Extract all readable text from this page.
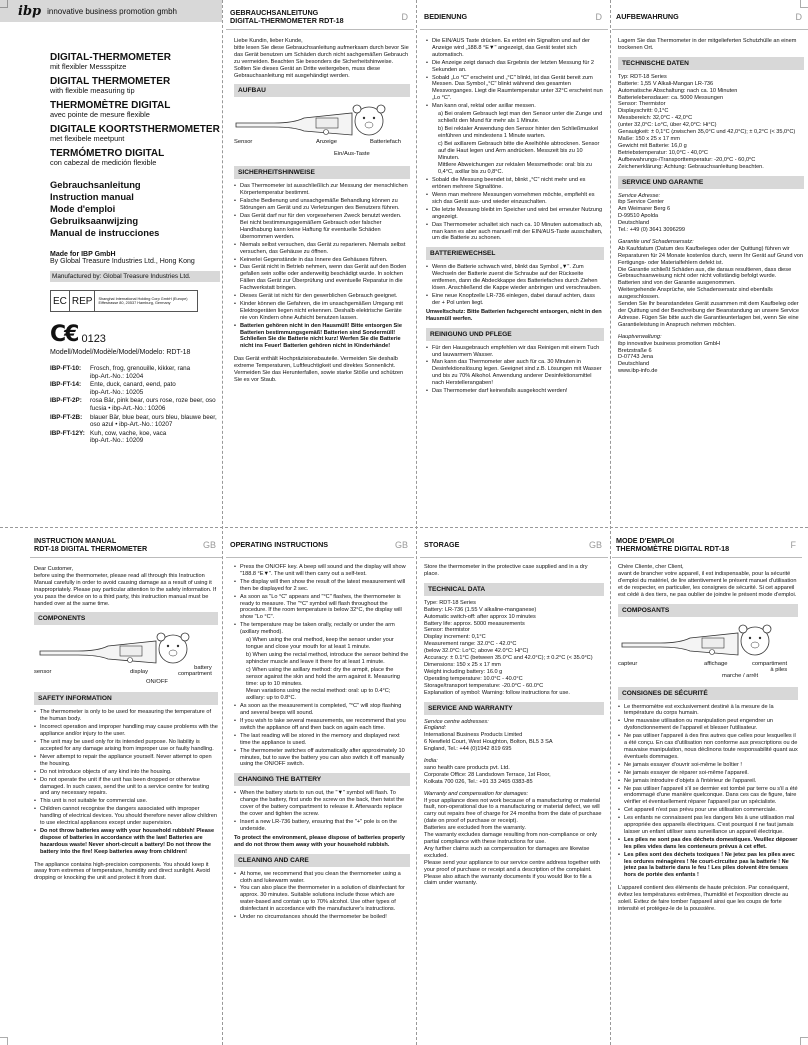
ibp innovative business promotion gmbh
DIGITAL-THERMOMETER
mit flexibler Messspitze
DIGITAL THERMOMETER
with flexible measuring tip
THERMOMÈTRE DIGITAL
avec pointe de mesure flexible
DIGITALE KOORTSTHERMOMETER
met flexibele meetpunt
TERMÓMETRO DIGITAL
con cabezal de medición flexible
Gebrauchsanleitung
Instruction manual
Mode d'emploi
Gebruiksaanwijzing
Manual de instrucciones
Made for IBP GmbH
By Global Treasure Industries Ltd., Hong Kong
Manufactured by: Global Treasure Industries Ltd.
EC REP	Shanghai International Holding Corp GmbH (Europe)
Eiffestrasse 80, 20537 Hamburg, Germany
C€ 0123
Modell/Model/Modèle/Model/Modelo: RDT-18
IBP-FT-10:	Frosch, frog, grenouille, kikker, rana
ibp-Art.-No.: 10204
IBP-FT-14:	Ente, duck, canard, eend, pato
ibp-Art.-No.: 10205
IBP-FT-2P:	rosa Bär, pink bear, ours rose, roze beer, oso fucsia • ibp-Art.-No.: 10206
IBP-FT-2B:	blauer Bär, blue bear, ours bleu, blauwe beer, oso azul • ibp-Art.-No.: 10207
IBP-FT-12Y: Kuh, cow, vache, koe, vaca
ibp-Art.-No.: 10209
GEBRAUCHSANLEITUNG
DIGITAL-THERMOMETER RDT-18	D

Liebe Kundin, lieber Kunde,
bitte lesen Sie diese Gebrauchsanleitung aufmerksam durch bevor Sie das Gerät benutzen um Schäden durch nicht sachgemäßen Gebrauch zu vermeiden. Beachten Sie besonders die Sicherheitshinweise. Sollten Sie dieses Gerät an Dritte weitergeben, muss diese Gebrauchsanleitung mit ausgehändigt werden.

AUFBAU
Sensor	Anzeige	Batteriefach
Ein/Aus-Taste
SICHERHEITSHINWEISE
• Das Thermometer ist ausschließlich zur Messung der menschlichen Körpertemperatur bestimmt.
• Falsche Bedienung und unsachgemäße Behandlung können zu Störungen am Gerät und zu Verletzungen des Benutzers führen.
• Das Gerät darf nur für den vorgesehenen Zweck benutzt werden. Bei nicht bestimmungsgemäßem Gebrauch oder falscher Handhabung kann keine Haftung für eventuelle Schäden übernommen werden.
• Niemals selbst versuchen, das Gerät zu reparieren. Niemals selbst versuchen, das Gehäuse zu öffnen.
• Keinerlei Gegenstände in das Innere des Gehäuses führen.
• Das Gerät nicht in Betrieb nehmen, wenn das Gerät auf den Boden gefallen sein sollte oder anderweitig beschädigt wurde. In solchen Fällen das Gerät zur Überprüfung und eventuelle Reparatur in die Fachwerkstatt bringen.
• Dieses Gerät ist nicht für den gewerblichen Gebrauch geeignet.
• Kinder können die Gefahren, die im unsachgemäßen Umgang mit Elektrogeräten liegen nicht erkennen. Deshalb elektrische Geräte nie von Kindern ohne Aufsicht benutzen lassen.
• Batterien gehören nicht in den Hausmüll! Bitte entsorgen Sie Batterien bestimmungsgemäß! Batterien sind Sondermüll! Schließen Sie die Batterie nicht kurz! Werfen Sie die Batterie nicht ins Feuer! Batterien gehören nicht in Kinderhände!

Das Gerät enthält Hochpräzisionsbauteile. Vermeiden Sie deshalb extreme Temperaturen, Luftfeuchtigkeit und direktes Sonnenlicht. Vermeiden Sie das Herunterfallen, sowie starke Stöße und schützen Sie es vor Staub.

BEDIENUNG	D
• Die EIN/AUS Taste drücken. Es ertönt ein Signalton und auf der Anzeige wird „188.8 °E▼" angezeigt, das Gerät testet sich automatisch.
• Die Anzeige zeigt danach das Ergebnis der letzten Messung für 2 Sekunden an.
• Sobald „Lo °C" erscheint und „°C" blinkt, ist das Gerät bereit zum Messen. Das Symbol „°C" blinkt während des gesamten Messvorganges. Liegt die Raumtemperatur unter 32°C erscheint nun „Lo °C".
• Man kann oral, rektal oder axillar messen.
a) Bei oralem Gebrauch legt man den Sensor unter die Zunge und schließt den Mund für mehr als 1 Minute.
b) Bei rektaler Anwendung den Sensor hinter den Schließmuskel einführen und mindestens 1 Minute warten.
c) Bei axillarem Gebrauch bitte die Axelhöhle abtrocknen. Sensor auf die Haut legen und Arm andrücken. Messzeit bis zu 10 Minuten.
Mittlere Abweichungen zur rektalen Messmethode: oral: bis zu 0,4°C, axillar bis zu 0,8°C.
• Sobald die Messung beendet ist, blinkt „°C" nicht mehr und es ertönen mehrere Signaltöne.
• Wenn man mehrere Messungen vornehmen möchte, empfiehlt es sich das Gerät aus- und wieder einzuschalten.
• Die letzte Messung bleibt im Speicher und wird bei erneuter Nutzung angezeigt.
• Das Thermometer schaltet sich nach ca. 10 Minuten automatisch ab, man kann es aber auch manuell mit der EIN/AUS-Taste ausschalten, um die Batterie zu schonen.
BATTERIEWECHSEL
• Wenn die Batterie schwach wird, blinkt das Symbol „▼". Zum Wechseln der Batterie zuerst die Schraube auf der Rückseite entfernen, dann die Abdeckkappe des Batteriefaches durch Ziehen lösen. Anschließend die Kappe wieder anbringen und verschrauben.
• Eine neue Knopfzelle LR-736 einlegen, dabei darauf achten, dass der + Pol unten liegt.

Umweltschutz: Bitte Batterien fachgerecht entsorgen, nicht in den Hausmüll werfen.

REINIGUNG UND PFLEGE
• Für den Hausgebrauch empfehlen wir das Reinigen mit einem Tuch und lauwarmem Wasser.
• Man kann das Thermometer aber auch für ca. 30 Minuten in Desinfektionslösung legen. Geeignet sind z.B. Lösungen mit Wasser und bis zu 70% Alkohol. Anwendung anderer Desinfektionsmittel nach Herstellerangaben!
• Das Thermometer darf keinesfalls ausgekocht werden!
AUFBEWAHRUNG	D

Lagern Sie das Thermometer in der mitgelieferten Schutzhülle an einem trockenen Ort.

TECHNISCHE DATEN

Typ: RDT-18 Series

Batterie: 1,55 V Alkali-Mangan LR-736

Automatische Abschaltung: nach ca. 10 Minuten

Batterielebensdauer: ca. 5000 Messungen

Sensor: Thermistor

Displayschritt: 0,1°C

Messbereich: 32,0°C - 42,0°C

(unter 32,0°C: Lo°C, über 42,0°C: Hi°C)

Genauigkeit: ± 0,1°C (zwischen 35,0°C und 42,0°C); ± 0,2°C (< 35,0°C)

Maße: 150 x 25 x 17 mm

Gewicht mit Batterie: 16,0 g

Betriebstemperatur: 10,0°C - 40,0°C

Aufbewahrungs-/Transporttemperatur: -20,0°C - 60,0°C

Zeichenerklärung: Achtung: Gebrauchsanleitung beachten.

SERVICE UND GARANTIE

Service Adresse:

ibp Service Center

Am Weimarer Berg 6

D-99510 Apolda

Deutschland

Tel.: +49 (0) 3641 3096299

Garantie und Schadensersatz:

Ab Kaufdatum (Datum des Kaufbeleges oder der Quittung) führen wir Reparaturen für 24 Monate kostenlos durch, wenn Ihr Gerät auf Grund von Fertigungs- oder Materialfehlern defekt ist.

Die Garantie schließt Schäden aus, die daraus resultieren, dass diese Gebrauchsanweisung nicht oder nicht vollständig befolgt wurde.

Batterien sind von der Garantie ausgenommen.

Weitergehende Ansprüche, wie Schadensersatz sind ebenfalls ausgeschlossen.

Senden Sie Ihr beanstandetes Gerät zusammen mit dem Kaufbeleg oder der Quittung und der Beschreibung der Beanstandung an unsere Service Adresse. Fügen Sie bitte auch die Garantieunterlagen bei, wenn Sie eine Garantieleistung in Anspruch nehmen möchten.

Hauptverwaltung:

ibp innovative business promotion GmbH

Bretzstraße 6

D-07743 Jena

Deutschland

www.ibp-info.de

INSTRUCTION MANUAL
RDT-18 DIGITAL THERMOMETER	GB

Dear Customer,
before using the thermometer, please read all through this Instruction Manual carefully in order to avoid causing damage as a result of using it inappropriately. Please pay particular attention to the safety information. If you pass the device on to a third party, this instruction manual must be handed over at the same time.

COMPONENTS
sensor	display
battery
compartment
ON/OFF
SAFETY INFORMATION
• The thermometer is only to be used for measuring the temperature of the human body.
• Incorrect operation and improper handling may cause problems with the appliance and/or injury to the user.
• The unit may be used only for its intended purpose. No liability is accepted for any damage arising from improper use or faulty handling.
• Never attempt to repair the appliance yourself. Never attempt to open the housing.
• Do not introduce objects of any kind into the housing.
• Do not operate the unit if the unit has been dropped or otherwise damaged. In such cases, send the unit to a service centre for testing and any necessary repairs.
• This unit is not suitable for commercial use.
• Children cannot recognise the dangers associated with improper handling of electrical devices. You should therefore never allow children to use electrical appliances except under supervision.
• Do not throw batteries away with your household rubbish! Please dispose of batteries in accordance with the law! Batteries are hazardous waste! Never short-circuit a battery! Do not throw the battery into the fire! Keep batteries away from children!

The appliance contains high-precision components. You should keep it away from extremes of temperature, humidity and direct sunlight. Avoid dropping or knocking the unit and protect it from dust.

OPERATING INSTRUCTIONS	GB
• Press the ON/OFF key. A beep will sound and the display will show "188.8 °E▼". The unit will then carry out a self-test.
• The display will then show the result of the latest measurement will then be displayed for 2 sec.
• As soon as "Lo °C" appears and "°C" flashes, the thermometer is ready to measure. The "°C" symbol will flash throughout the procedure. If the room temperature is below 32°C, the display will show "Lo °C".
• The temperature may be taken orally, rectally or under the arm (axillary method).
a) When using the oral method, keep the sensor under your tongue and close your mouth for at least 1 minute.
b) When using the rectal method, introduce the sensor behind the sphincter muscle and leave it there for at least 1 minute.
c) When using the axillary method: dry the armpit, place the sensor against the skin and hold the arm against it. Measuring time: up to 10 minutes.
Mean variations using the rectal method: oral: up to 0.4°C; axillary: up to 0.8°C.
• As soon as the measurement is completed, "°C" will stop flashing and several beeps will sound.
• If you wish to take several measurements, we recommend that you switch the appliance off and then back on again each time.
• The last reading will be stored in the memory and displayed next time the appliance is used.
• The thermometer switches off automatically after approximately 10 minutes, but to save the battery you can also switch it off manually using the ON/OFF switch.
CHANGING THE BATTERY
• When the battery starts to run out, the "▼" symbol will flash. To change the battery, first undo the screw on the back, then twist the cover of the battery compartment to release it. Afterwards replace the cover and tighten the screw.
• Insert a new LR-736 battery, ensuring that the "+" pole is on the underside.

To protect the environment, please dispose of batteries properly and do not throw them away with your household rubbish.

CLEANING AND CARE
• At home, we recommend that you clean the thermometer using a cloth and lukewarm water.
• You can also place the thermometer in a solution of disinfectant for approx. 30 minutes. Suitable solutions include those which are water-based and contain up to 70% alcohol. Use other types of disinfectant in accordance with the manufacturer's instructions.
• Under no circumstances should the thermometer be boiled!
STORAGE	GB

Store the thermometer in the protective case supplied and in a dry place.

TECHNICAL DATA

Type: RDT-18 Series

Battery: LR-736 (1.55 V alkaline-manganese)

Automatic switch-off: after approx 10 minutes

Battery life: approx. 5000 measurements

Sensor: thermistor

Display increment: 0,1°C

Measurement range: 32.0°C - 42.0°C

(below 32.0°C: Lo°C; above 42.0°C: Hi°C)

Accuracy: ± 0.1°C (between 35.0°C and 42.0°C); ± 0.2°C (< 35.0°C)

Dimensions: 150 x 25 x 17 mm

Weight including battery: 16.0 g

Operating temperature: 10.0°C - 40.0°C

Storage/transport temperature: -20.0°C - 60.0°C

Explanation of symbol: Warning: follow instructions for use.

SERVICE AND WARRANTY

Service centre addresses:

England:

International Business Products Limited

6 Newfield Court, West Houghton, Bolton, BL5 3 SA

England, Tel.: +44 (0)1942 819 695

India:

sano health care products pvt. Ltd.

Corporate Office: 28 Landsdown Terrace, 1st Floor,

Kolkata 700 026, Tel.: +91 33 2465 0383-85

Warranty and compensation for damages:

If your appliance does not work because of a manufacturing or material fault, non-operational due to a manufacturing or material defect, we will carry out repairs free of charge for 24 months from the date of purchase (date on proof of purchase or receipt).

Batteries are excluded from the warranty.

The warranty excludes damage resulting from non-compliance or only partial compliance with these instructions for use.

Any further claims such as compensation for damages are likewise excluded.

Please send your appliance to our service centre address together with your proof of purchase or receipt and a description of the complaint. Please also attach the warranty documents if you would like to file a claim under warranty.

MODE D'EMPLOI
THERMOMÈTRE DIGITAL RDT-18	F

Chère Cliente, cher Client,
avant de brancher votre appareil, il est indispensable, pour la sécurité d'emploi du matériel, de lire attentivement le présent manuel d'utilisation et de respecter, en particulier, les consignes de sécurité. Si cet appareil est cédé à des tiers, ne pas oublier de joindre le présent mode d'emploi.

COMPOSANTS
capteur	affichage	compartiment
à piles
marche / arrêt
CONSIGNES DE SÉCURITÉ
• Le thermomètre est exclusivement destiné à la mesure de la température du corps humain.
• Une mauvaise utilisation ou manipulation peut engendrer un dysfonctionnement de l'appareil et blesser l'utilisateur.
• Ne pas utiliser l'appareil à des fins autres que celles pour lesquelles il a été conçu. En cas d'utilisation non conforme aux prescriptions ou de mauvaise manipulation, nous déclinons toute responsabilité quant aux éventuels dommages.
• Ne jamais essayer d'ouvrir soi-même le boîtier !
• Ne jamais essayer de réparer soi-même l'appareil.
• Ne jamais introduire d'objets à l'intérieur de l'appareil.
• Ne pas utiliser l'appareil s'il se dermier est tombé par terre ou s'il a été endommagé d'une manière quelconque. Dans ces cas de figure, faire vérifier et éventuellement réparer l'appareil par un spécialiste.
• Cet appareil n'est pas prévu pour une utilisation commerciale.
• Les enfants ne connaissent pas les dangers liés à une utilisation mal appropriée des appareils électriques. C'est pourquoi il ne faut jamais laisser un enfant utiliser sans surveillance un appareil électrique.
• Les piles ne sont pas des déchets domestiques. Veuillez déposer les piles vides dans les conteneurs prévus à cet effet.
• Les piles sont des déchets toxiques ! Ne jetez pas les piles avec les ordures ménagères ! Ne court-circuitez pas la batterie ! Ne jetez pas la batterie dans le feu ! Les piles doivent être tenues hors de portée des enfants !

L'appareil contient des éléments de haute précision. Par conséquent, évitez les températures extrêmes, l'humidité et l'exposition directe au soleil. Evitez de faire tomber l'appareil ainsi que les coups de forte intensité et protégez-le de la poussière.
